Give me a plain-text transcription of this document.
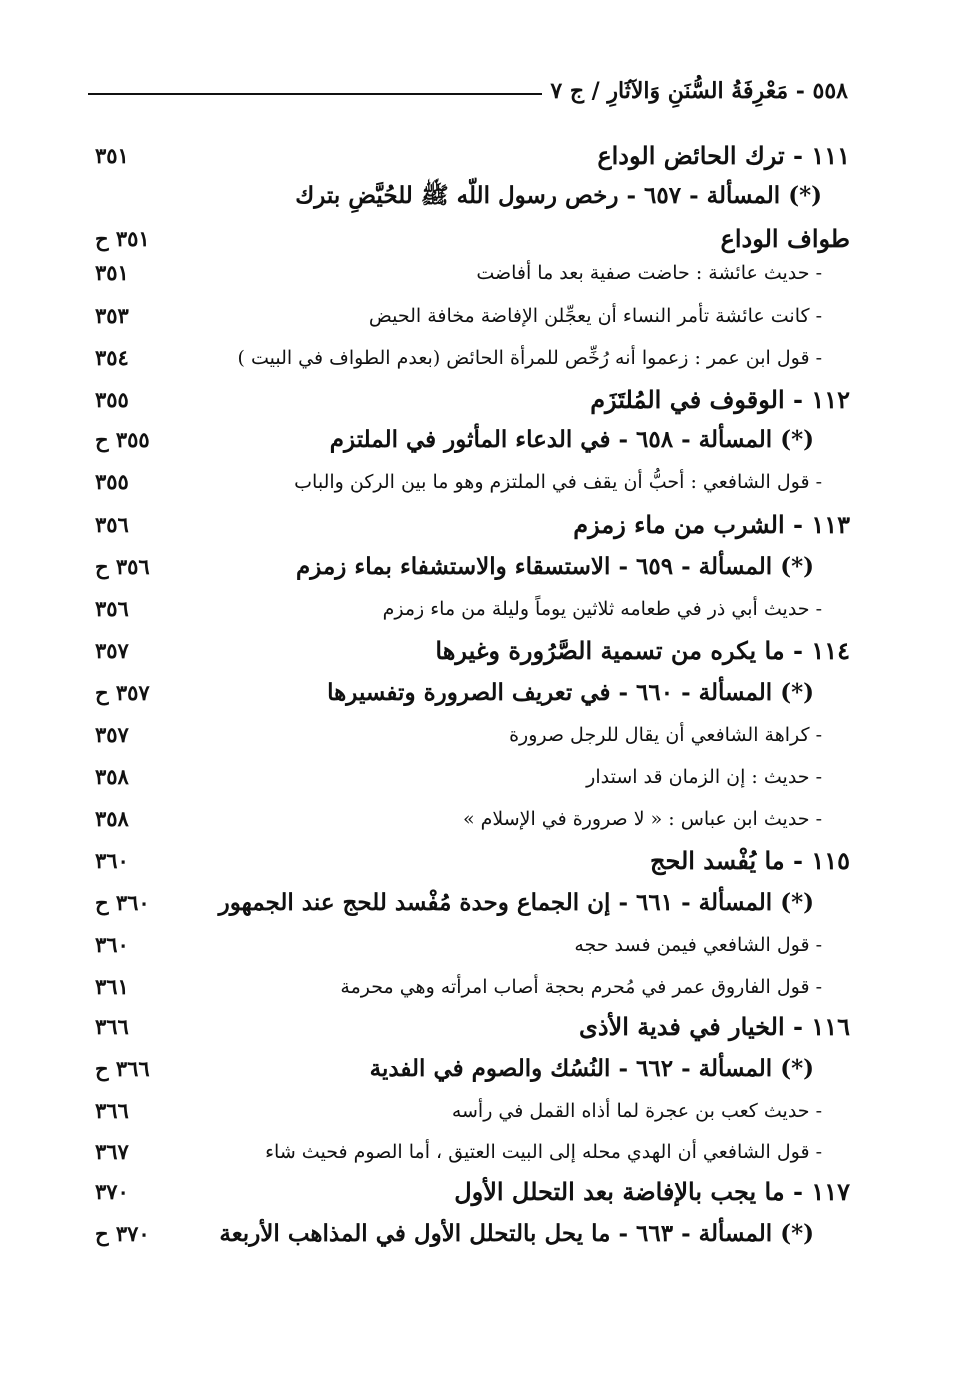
٥٥٨ - مَعْرِفَةُ السُّنَنِ وَالآثَارِ / ج ٧
١١١ - ترك الحائض الوداع
٣٥١
(*) المسألة - ٦٥٧ - رخص رسول اللّه ﷺ للحُيَّضِ بترك
طواف الوداع
٣٥١ ح
- حديث عائشة : حاضت صفية بعد ما أفاضت
٣٥١
- كانت عائشة تأمر النساء أن يعجِّلن الإفاضة مخافة الحيض
٣٥٣
- قول ابن عمر : زعموا أنه رُخِّص للمرأة الحائض (بعدم الطواف في البيت )
٣٥٤
١١٢ - الوقوف في المُلتَزَم
٣٥٥
(*) المسألة - ٦٥٨ - في الدعاء المأثور في الملتزم
٣٥٥ ح
- قول الشافعي : أحبُّ أن يقف في الملتزم وهو ما بين الركن والباب
٣٥٥
١١٣ - الشرب من ماء زمزم
٣٥٦
(*) المسألة - ٦٥٩ - الاستسقاء والاستشفاء بماء زمزم
٣٥٦ ح
- حديث أبي ذر في طعامه ثلاثين يوماً وليلة من ماء زمزم
٣٥٦
١١٤ - ما يكره من تسمية الصَّرُورة وغيرها
٣٥٧
(*) المسألة - ٦٦٠ - في تعريف الصرورة وتفسيرها
٣٥٧ ح
- كراهة الشافعي أن يقال للرجل صرورة
٣٥٧
- حديث : إن الزمان قد استدار
٣٥٨
- حديث ابن عباس : « لا صرورة في الإسلام »
٣٥٨
١١٥ - ما يُفْسد الحج
٣٦٠
(*) المسألة - ٦٦١ - إن الجماع وحدة مُفْسد للحج عند الجمهور
٣٦٠ ح
- قول الشافعي فيمن فسد حجه
٣٦٠
- قول الفاروق عمر في مُحرم بحجة أصاب امرأته وهي محرمة
٣٦١
١١٦ - الخيار في فدية الأذى
٣٦٦
(*) المسألة - ٦٦٢ - النُسُك والصوم في الفدية
٣٦٦ ح
- حديث كعب بن عجرة لما أذاه القمل في رأسه
٣٦٦
- قول الشافعي أن الهدي محله إلى البيت العتيق ، أما الصوم فحيث شاء
٣٦٧
١١٧ - ما يجب بالإفاضة بعد التحلل الأول
٣٧٠
(*) المسألة - ٦٦٣ - ما يحل بالتحلل الأول في المذاهب الأربعة
٣٧٠ ح
